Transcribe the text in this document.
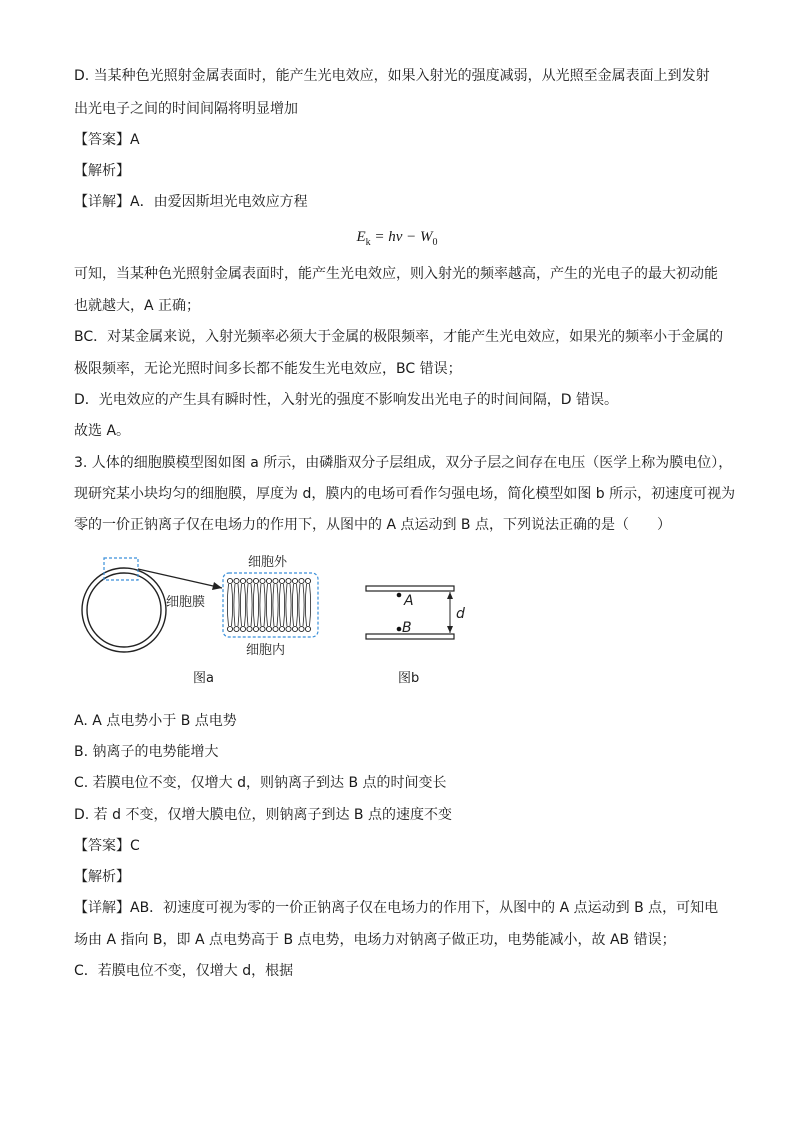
D. 当某种色光照射金属表面时，能产生光电效应，如果入射光的强度减弱，从光照至金属表面上到发射
出光电子之间的时间间隔将明显增加
【答案】A
【解析】
【详解】A．由爱因斯坦光电效应方程
$E_k = h\nu - W_0$
可知，当某种色光照射金属表面时，能产生光电效应，则入射光的频率越高，产生的光电子的最大初动能
也就越大，A 正确；
BC．对某金属来说，入射光频率必须大于金属的极限频率，才能产生光电效应，如果光的频率小于金属的
极限频率，无论光照时间多长都不能发生光电效应，BC 错误；
D．光电效应的产生具有瞬时性，入射光的强度不影响发出光电子的时间间隔，D 错误。
故选 A。
3. 人体的细胞膜模型图如图 a 所示，由磷脂双分子层组成，双分子层之间存在电压（医学上称为膜电位），
现研究某小块均匀的细胞膜，厚度为 d，膜内的电场可看作匀强电场，简化模型如图 b 所示，初速度可视为
零的一价正钠离子仅在电场力的作用下，从图中的 A 点运动到 B 点，下列说法正确的是（　　）
细胞外
细胞膜
细胞内
图a
A
B
d
图b
A. A 点电势小于 B 点电势
B. 钠离子的电势能增大
C. 若膜电位不变，仅增大 d，则钠离子到达 B 点的时间变长
D. 若 d 不变，仅增大膜电位，则钠离子到达 B 点的速度不变
【答案】C
【解析】
【详解】AB．初速度可视为零的一价正钠离子仅在电场力的作用下，从图中的 A 点运动到 B 点，可知电
场由 A 指向 B，即 A 点电势高于 B 点电势，电场力对钠离子做正功，电势能减小，故 AB 错误；
C．若膜电位不变，仅增大 d，根据
